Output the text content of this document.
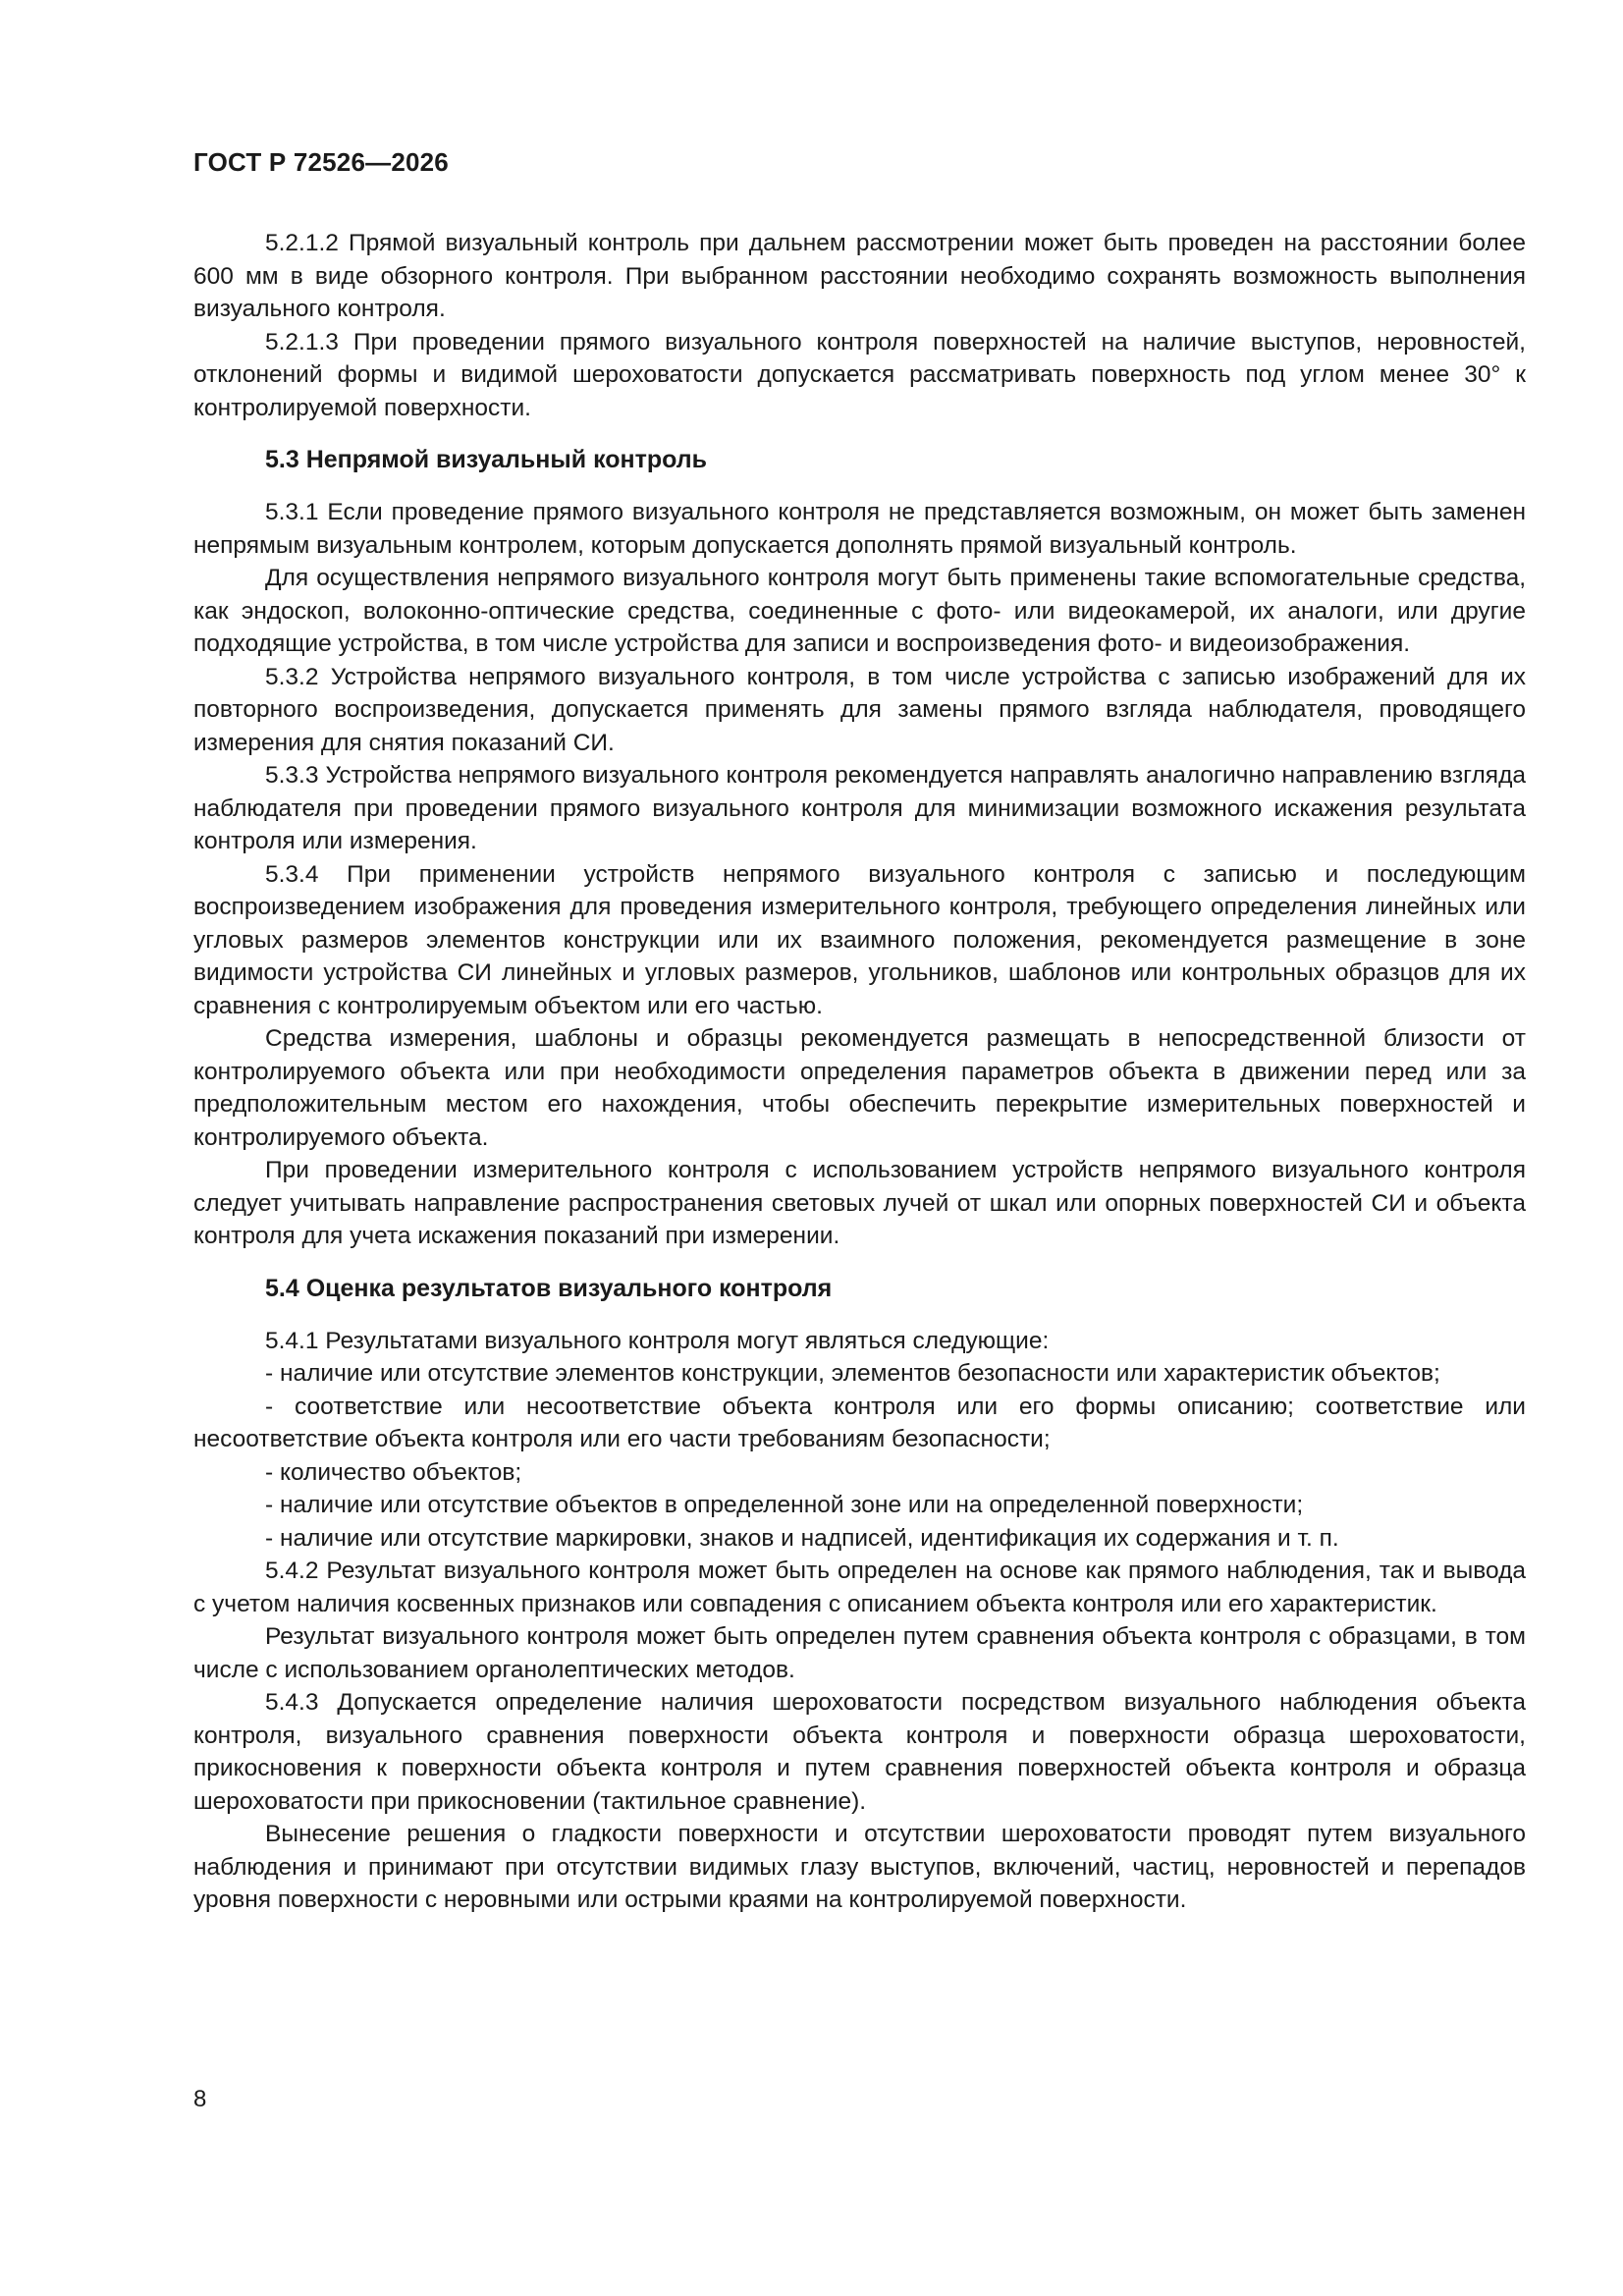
ГОСТ Р 72526—2026

5.2.1.2 Прямой визуальный контроль при дальнем рассмотрении может быть проведен на расстоянии более 600 мм в виде обзорного контроля. При выбранном расстоянии необходимо сохранять возможность выполнения визуального контроля.

5.2.1.3 При проведении прямого визуального контроля поверхностей на наличие выступов, неровностей, отклонений формы и видимой шероховатости допускается рассматривать поверхность под углом менее 30° к контролируемой поверхности.

5.3 Непрямой визуальный контроль

5.3.1 Если проведение прямого визуального контроля не представляется возможным, он может быть заменен непрямым визуальным контролем, которым допускается дополнять прямой визуальный контроль.

Для осуществления непрямого визуального контроля могут быть применены такие вспомогательные средства, как эндоскоп, волоконно-оптические средства, соединенные с фото- или видеокамерой, их аналоги, или другие подходящие устройства, в том числе устройства для записи и воспроизведения фото- и видеоизображения.

5.3.2 Устройства непрямого визуального контроля, в том числе устройства с записью изображений для их повторного воспроизведения, допускается применять для замены прямого взгляда наблюдателя, проводящего измерения для снятия показаний СИ.

5.3.3 Устройства непрямого визуального контроля рекомендуется направлять аналогично направлению взгляда наблюдателя при проведении прямого визуального контроля для минимизации возможного искажения результата контроля или измерения.

5.3.4 При применении устройств непрямого визуального контроля с записью и последующим воспроизведением изображения для проведения измерительного контроля, требующего определения линейных или угловых размеров элементов конструкции или их взаимного положения, рекомендуется размещение в зоне видимости устройства СИ линейных и угловых размеров, угольников, шаблонов или контрольных образцов для их сравнения с контролируемым объектом или его частью.

Средства измерения, шаблоны и образцы рекомендуется размещать в непосредственной близости от контролируемого объекта или при необходимости определения параметров объекта в движении перед или за предположительным местом его нахождения, чтобы обеспечить перекрытие измерительных поверхностей и контролируемого объекта.

При проведении измерительного контроля с использованием устройств непрямого визуального контроля следует учитывать направление распространения световых лучей от шкал или опорных поверхностей СИ и объекта контроля для учета искажения показаний при измерении.

5.4 Оценка результатов визуального контроля

5.4.1 Результатами визуального контроля могут являться следующие:

- наличие или отсутствие элементов конструкции, элементов безопасности или характеристик объектов;

- соответствие или несоответствие объекта контроля или его формы описанию; соответствие или несоответствие объекта контроля или его части требованиям безопасности;

- количество объектов;

- наличие или отсутствие объектов в определенной зоне или на определенной поверхности;

- наличие или отсутствие маркировки, знаков и надписей, идентификация их содержания и т. п.

5.4.2 Результат визуального контроля может быть определен на основе как прямого наблюдения, так и вывода с учетом наличия косвенных признаков или совпадения с описанием объекта контроля или его характеристик.

Результат визуального контроля может быть определен путем сравнения объекта контроля с образцами, в том числе с использованием органолептических методов.

5.4.3 Допускается определение наличия шероховатости посредством визуального наблюдения объекта контроля, визуального сравнения поверхности объекта контроля и поверхности образца шероховатости, прикосновения к поверхности объекта контроля и путем сравнения поверхностей объекта контроля и образца шероховатости при прикосновении (тактильное сравнение).

Вынесение решения о гладкости поверхности и отсутствии шероховатости проводят путем визуального наблюдения и принимают при отсутствии видимых глазу выступов, включений, частиц, неровностей и перепадов уровня поверхности с неровными или острыми краями на контролируемой поверхности.

8
